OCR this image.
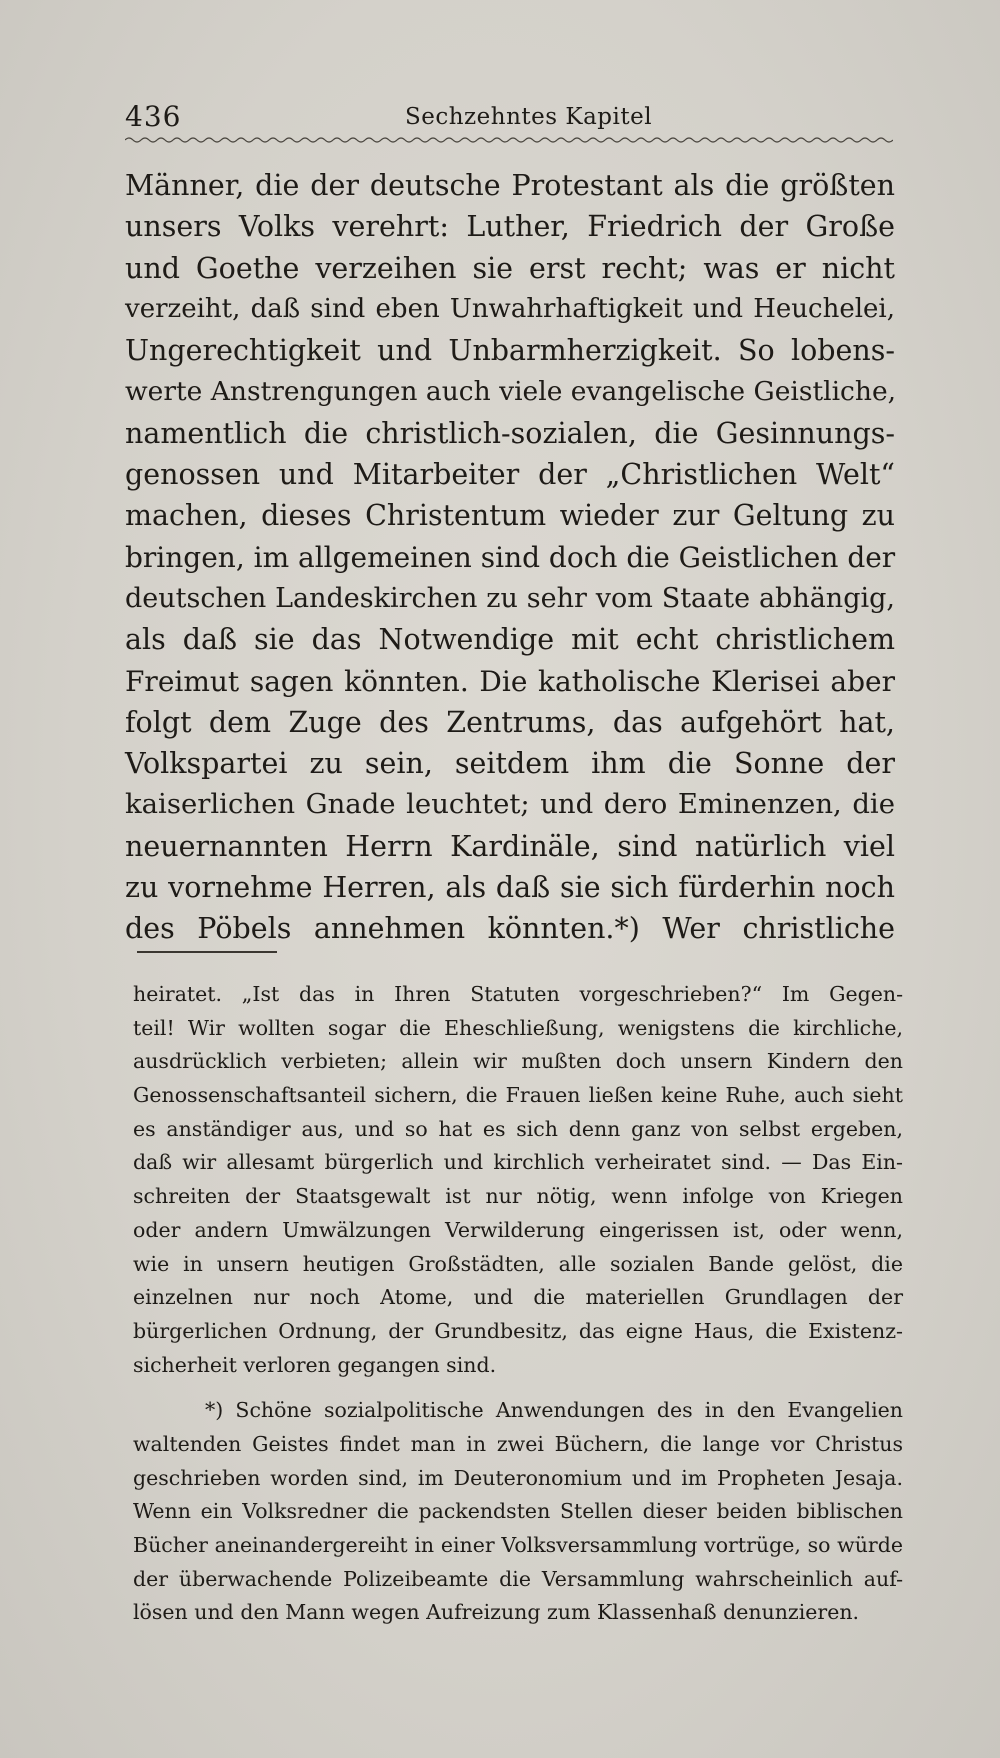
436	Sechzehntes Kapitel
Männer, die der deutsche Protestant als die größten
unsers Volks verehrt: Luther, Friedrich der Große
und Goethe verzeihen sie erst recht; was er nicht
verzeiht, daß sind eben Unwahrhaftigkeit und Heuchelei,
Ungerechtigkeit und Unbarmherzigkeit. So lobens-
werte Anstrengungen auch viele evangelische Geistliche,
namentlich die christlich-sozialen, die Gesinnungs-
genossen und Mitarbeiter der „Christlichen Welt“
machen, dieses Christentum wieder zur Geltung zu
bringen, im allgemeinen sind doch die Geistlichen der
deutschen Landeskirchen zu sehr vom Staate abhängig,
als daß sie das Notwendige mit echt christlichem
Freimut sagen könnten. Die katholische Klerisei aber
folgt dem Zuge des Zentrums, das aufgehört hat,
Volkspartei zu sein, seitdem ihm die Sonne der
kaiserlichen Gnade leuchtet; und dero Eminenzen, die
neuernannten Herrn Kardinäle, sind natürlich viel
zu vornehme Herren, als daß sie sich fürderhin noch
des Pöbels annehmen könnten.*) Wer christliche
heiratet. „Ist das in Ihren Statuten vorgeschrieben?“ Im Gegen-
teil! Wir wollten sogar die Eheschließung, wenigstens die kirchliche,
ausdrücklich verbieten; allein wir mußten doch unsern Kindern den
Genossenschaftsanteil sichern, die Frauen ließen keine Ruhe, auch sieht
es anständiger aus, und so hat es sich denn ganz von selbst ergeben,
daß wir allesamt bürgerlich und kirchlich verheiratet sind. — Das Ein-
schreiten der Staatsgewalt ist nur nötig, wenn infolge von Kriegen
oder andern Umwälzungen Verwilderung eingerissen ist, oder wenn,
wie in unsern heutigen Großstädten, alle sozialen Bande gelöst, die
einzelnen nur noch Atome, und die materiellen Grundlagen der
bürgerlichen Ordnung, der Grundbesitz, das eigne Haus, die Existenz-
sicherheit verloren gegangen sind.
*) Schöne sozialpolitische Anwendungen des in den Evangelien
waltenden Geistes findet man in zwei Büchern, die lange vor Christus
geschrieben worden sind, im Deuteronomium und im Propheten Jesaja.
Wenn ein Volksredner die packendsten Stellen dieser beiden biblischen
Bücher aneinandergereiht in einer Volksversammlung vortrüge, so würde
der überwachende Polizeibeamte die Versammlung wahrscheinlich auf-
lösen und den Mann wegen Aufreizung zum Klassenhaß denunzieren.
